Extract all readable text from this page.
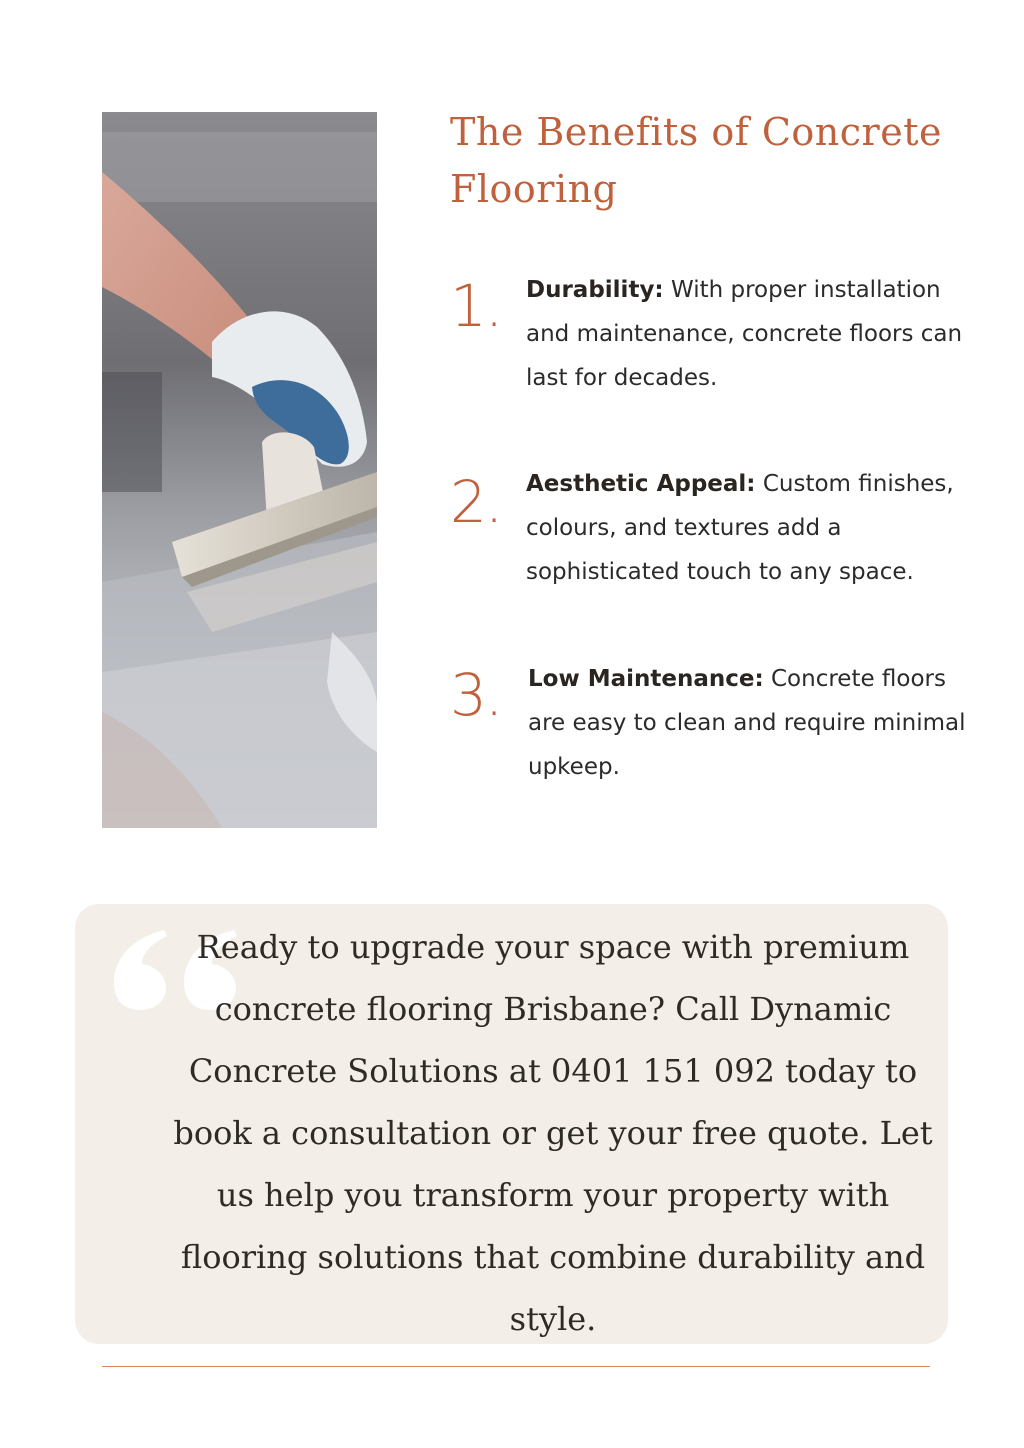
The Benefits of Concrete Flooring
1. Durability: With proper installation and maintenance, concrete floors can last for decades.

2. Aesthetic Appeal: Custom finishes, colours, and textures add a sophisticated touch to any space.

3. Low Maintenance: Concrete floors are easy to clean and require minimal upkeep.

Ready to upgrade your space with premium concrete flooring Brisbane? Call Dynamic Concrete Solutions at 0401 151 092 today to book a consultation or get your free quote. Let us help you transform your property with flooring solutions that combine durability and style.
